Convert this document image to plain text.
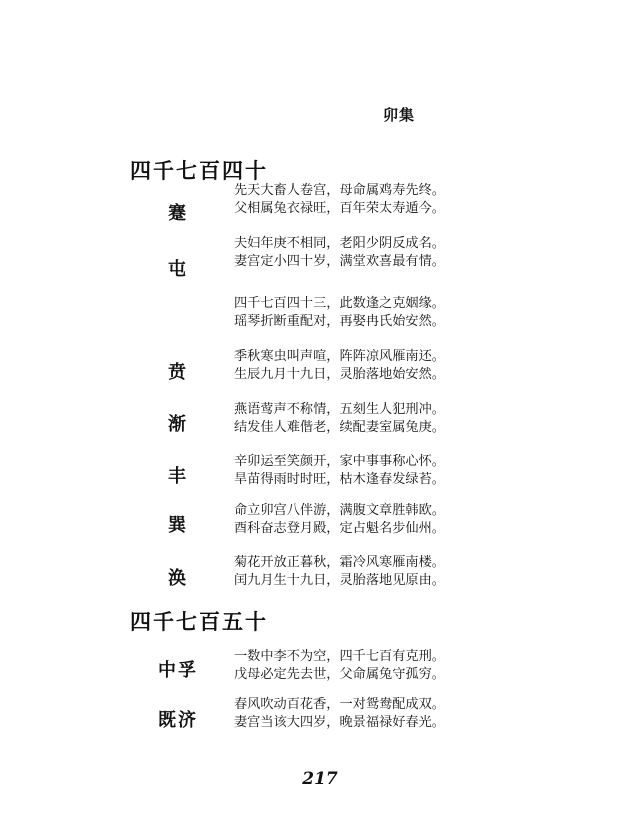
卯集
四千七百四十
蹇
先天大畜人卷宫，母命属鸡寿先终。
父相属兔衣禄旺，百年荣太寿遁今。
屯
夫妇年庚不相同，老阳少阴反成名。
妻宫定小四十岁，满堂欢喜最有情。
四千七百四十三，此数逢之克姻缘。
瑶琴折断重配对，再娶冉氏始安然。
贲
季秋寒虫叫声喧，阵阵凉风雁南还。
生辰九月十九日，灵胎落地始安然。
渐
燕语莺声不称情，五刻生人犯刑冲。
结发佳人难偕老，续配妻室属兔庚。
丰
辛卯运至笑颜开，家中事事称心怀。
旱苗得雨时时旺，枯木逢春发绿苔。
巽
命立卯宫八伴游，满腹文章胜韩欧。
酉科奋志登月殿，定占魁名步仙州。
涣
菊花开放正暮秋，霜冷风寒雁南楼。
闰九月生十九日，灵胎落地见原由。
四千七百五十
中孚
一数中李不为空，四千七百有克刑。
戊母必定先去世，父命属兔守孤穷。
既济
春风吹动百花香，一对鸳鸯配成双。
妻宫当该大四岁，晚景福禄好春光。
217
